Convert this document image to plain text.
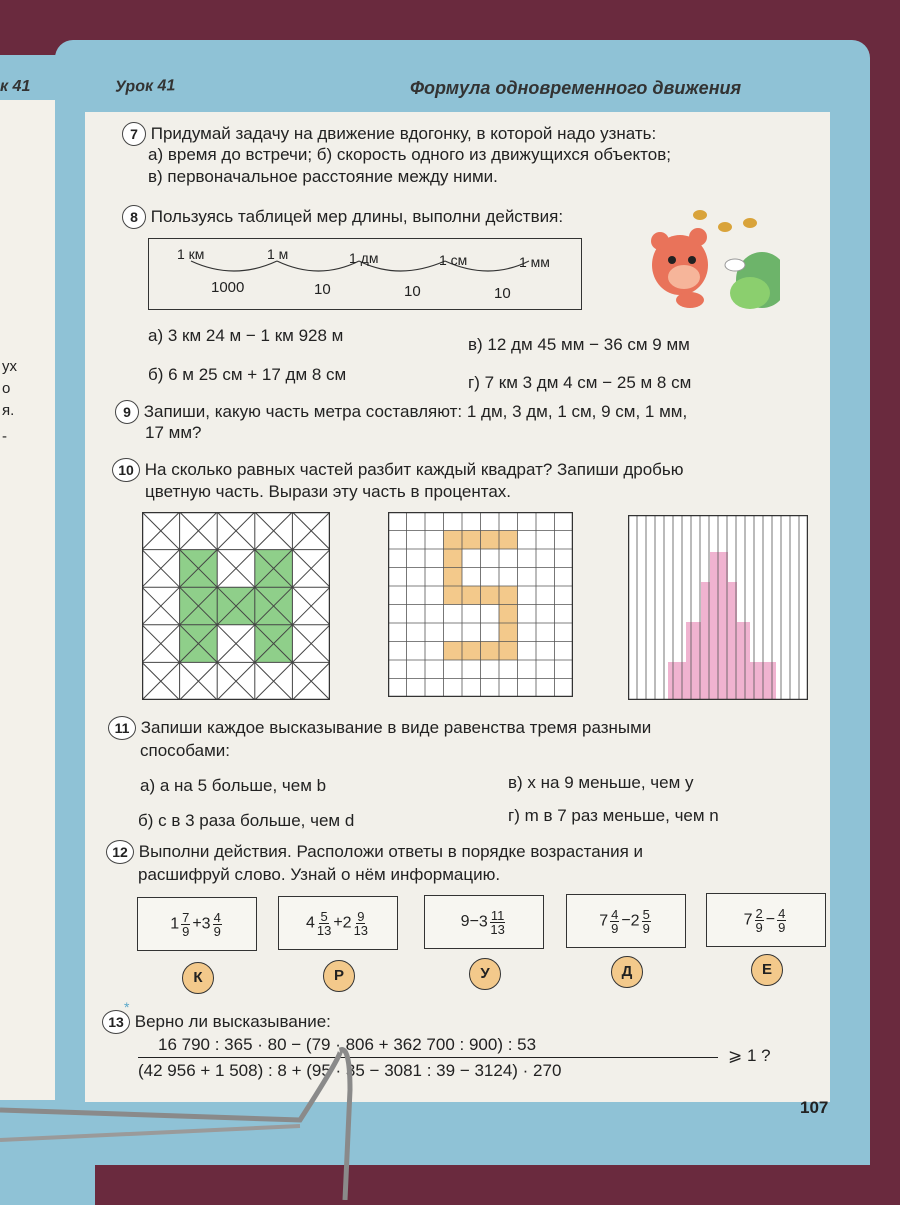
к 41
ух
о
я.
-
Урок 41	Формула одновременного движения
7 Придумай задачу на движение вдогонку, в которой надо узнать:
а) время до встречи; б) скорость одного из движущихся объектов;
в) первоначальное расстояние между ними.
8 Пользуясь таблицей мер длины, выполни действия:
1 км	1 м	1 дм	1 см	1 мм
1000	10	10	10
а) 3 км 24 м − 1 км 928 м	в) 12 дм 45 мм − 36 см 9 мм
б) 6 м 25 см + 17 дм 8 см	г) 7 км 3 дм 4 см − 25 м 8 см
9 Запиши, какую часть метра составляют: 1 дм, 3 дм, 1 см, 9 см, 1 мм,
17 мм?
10 На сколько равных частей разбит каждый квадрат? Запиши дробью
цветную часть. Вырази эту часть в процентах.
11 Запиши каждое высказывание в виде равенства тремя разными
способами:
а) a на 5 больше, чем b	в) x на 9 меньше, чем y
б) c в 3 раза больше, чем d	г) m в 7 раз меньше, чем n
12 Выполни действия. Расположи ответы в порядке возрастания и
расшифруй слово. Узнай о нём информацию.
$1 \frac{7}{9} + 3 \frac{4}{9}$
К
$4 \frac{5}{13} + 2 \frac{9}{13}$
Р
$9 - 3 \frac{11}{13}$
У
$7 \frac{4}{9} - 2 \frac{5}{9}$
Д
$7 \frac{2}{9} - \frac{4}{9}$
Е
13 Верно ли высказывание:
*
16 790 : 365 · 80 − (79 · 806 + 362 700 : 900) : 53
(42 956 + 1 508) : 8 + (95 · 35 − 3081 : 39 − 3124) · 270
⩾ 1 ?
107
